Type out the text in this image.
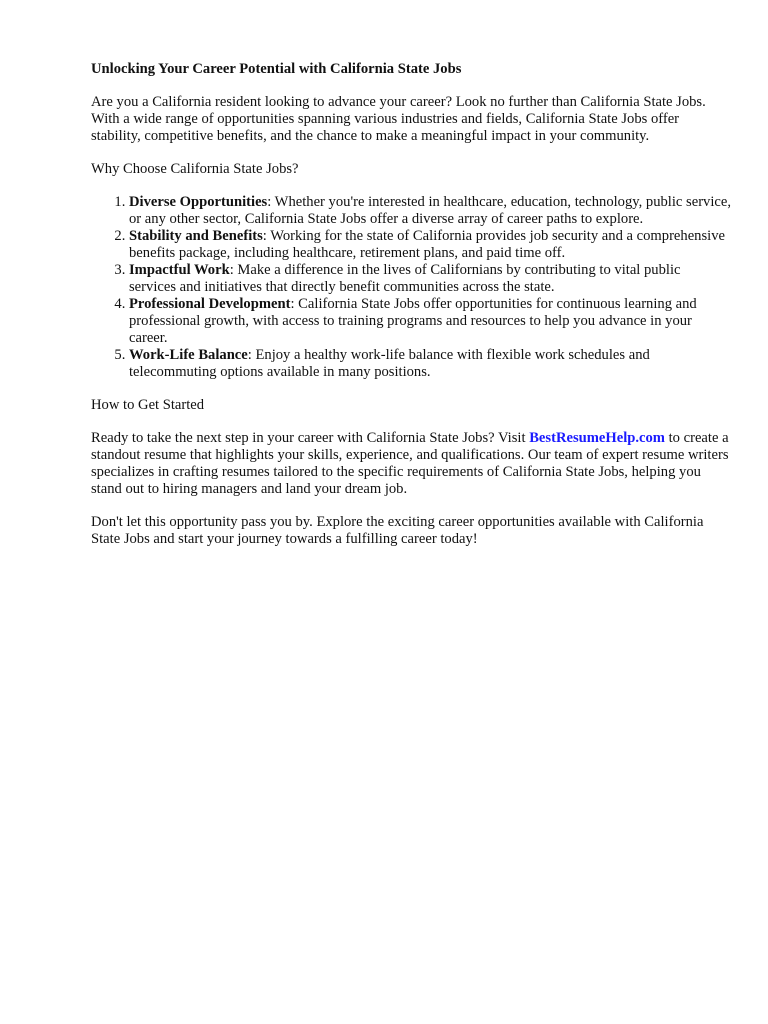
Unlocking Your Career Potential with California State Jobs

Are you a California resident looking to advance your career? Look no further than California State Jobs. With a wide range of opportunities spanning various industries and fields, California State Jobs offer stability, competitive benefits, and the chance to make a meaningful impact in your community.

Why Choose California State Jobs?
1. Diverse Opportunities: Whether you're interested in healthcare, education, technology, public service, or any other sector, California State Jobs offer a diverse array of career paths to explore.
2. Stability and Benefits: Working for the state of California provides job security and a comprehensive benefits package, including healthcare, retirement plans, and paid time off.
3. Impactful Work: Make a difference in the lives of Californians by contributing to vital public services and initiatives that directly benefit communities across the state.
4. Professional Development: California State Jobs offer opportunities for continuous learning and professional growth, with access to training programs and resources to help you advance in your career.
5. Work-Life Balance: Enjoy a healthy work-life balance with flexible work schedules and telecommuting options available in many positions.
How to Get Started

Ready to take the next step in your career with California State Jobs? Visit BestResumeHelp.com to create a standout resume that highlights your skills, experience, and qualifications. Our team of expert resume writers specializes in crafting resumes tailored to the specific requirements of California State Jobs, helping you stand out to hiring managers and land your dream job.

Don't let this opportunity pass you by. Explore the exciting career opportunities available with California State Jobs and start your journey towards a fulfilling career today!
